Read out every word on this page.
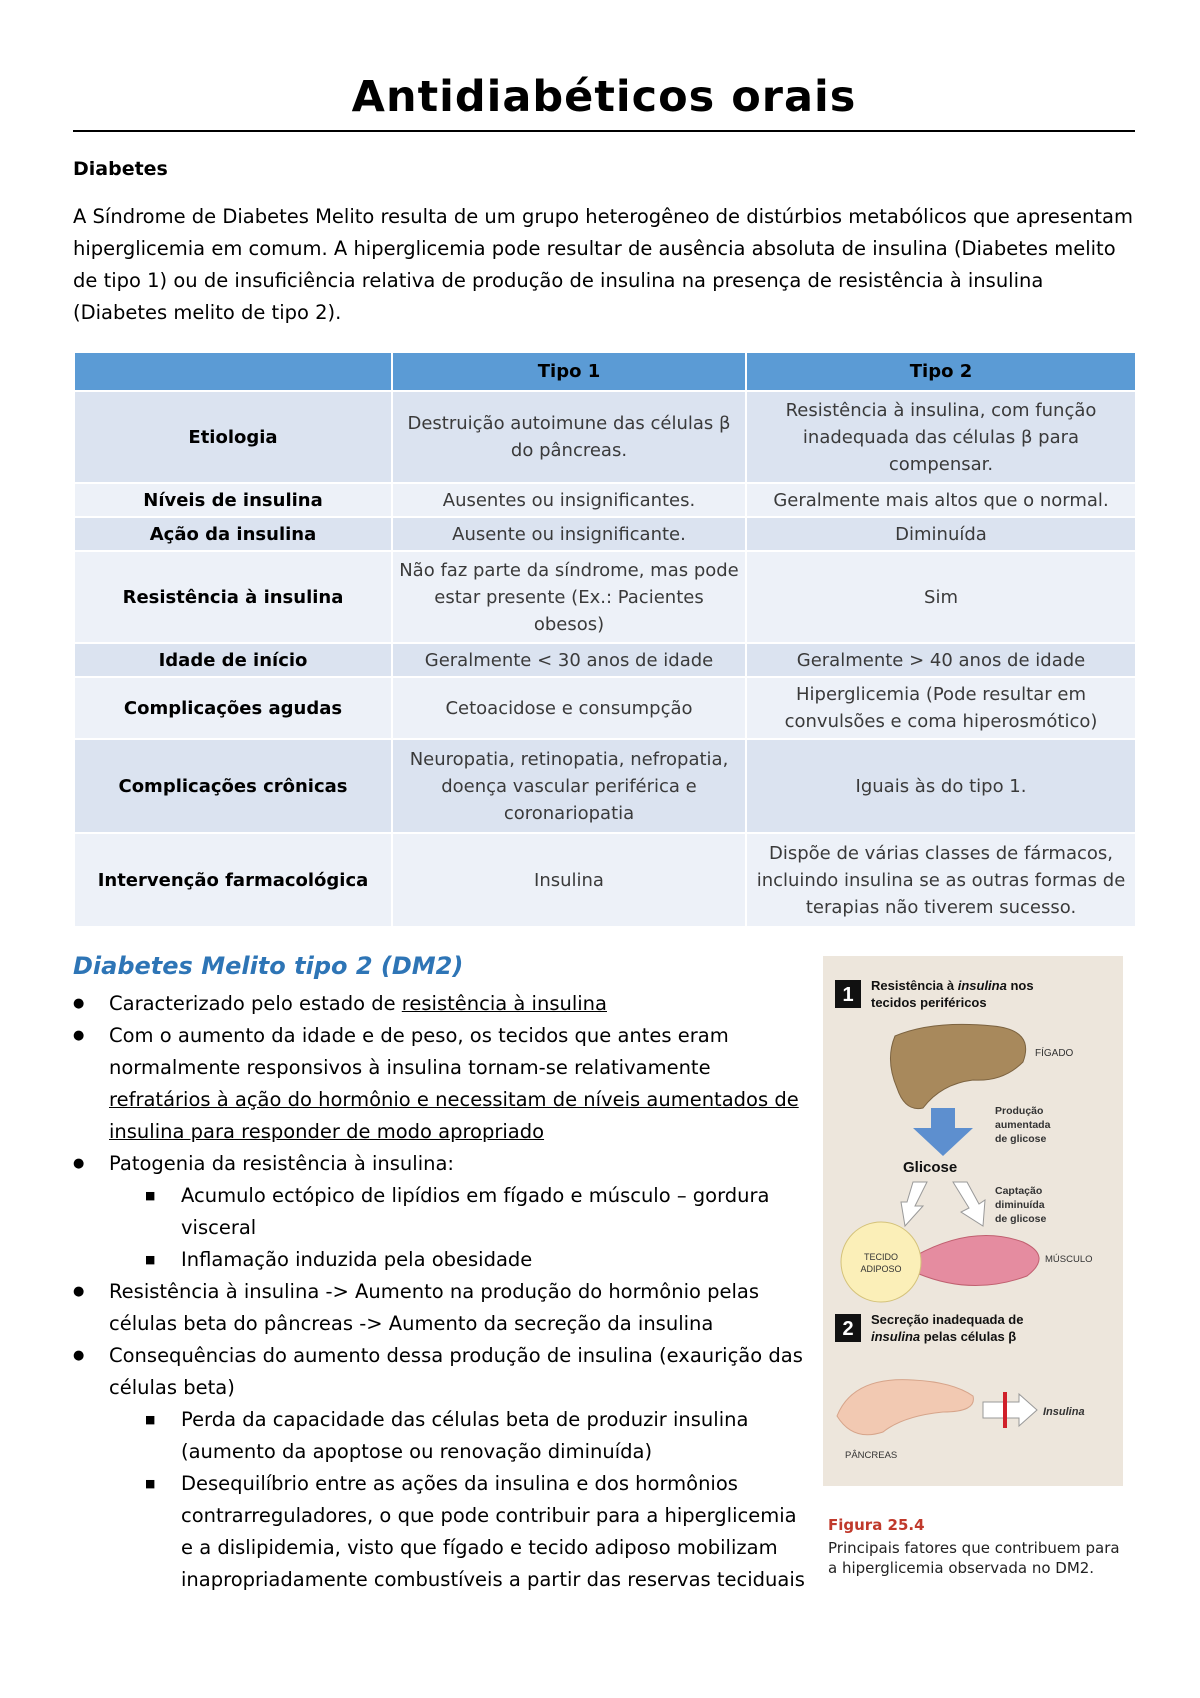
Antidiabéticos orais
Diabetes
A Síndrome de Diabetes Melito resulta de um grupo heterogêneo de distúrbios metabólicos que apresentam hiperglicemia em comum. A hiperglicemia pode resultar de ausência absoluta de insulina (Diabetes melito de tipo 1) ou de insuficiência relativa de produção de insulina na presença de resistência à insulina (Diabetes melito de tipo 2).
	Tipo 1	Tipo 2
Etiologia	Destruição autoimune das células β do pâncreas.	Resistência à insulina, com função inadequada das células β para compensar.
Níveis de insulina	Ausentes ou insignificantes.	Geralmente mais altos que o normal.
Ação da insulina	Ausente ou insignificante.	Diminuída
Resistência à insulina	Não faz parte da síndrome, mas pode estar presente (Ex.: Pacientes obesos)	Sim
Idade de início	Geralmente < 30 anos de idade	Geralmente > 40 anos de idade
Complicações agudas	Cetoacidose e consumpção	Hiperglicemia (Pode resultar em convulsões e coma hiperosmótico)
Complicações crônicas	Neuropatia, retinopatia, nefropatia, doença vascular periférica e coronariopatia	Iguais às do tipo 1.
Intervenção farmacológica	Insulina	Dispõe de várias classes de fármacos, incluindo insulina se as outras formas de terapias não tiverem sucesso.
Diabetes Melito tipo 2 (DM2)
● Caracterizado pelo estado de resistência à insulina
● Com o aumento da idade e de peso, os tecidos que antes eram normalmente responsivos à insulina tornam-se relativamente refratários à ação do hormônio e necessitam de níveis aumentados de insulina para responder de modo apropriado
● Patogenia da resistência à insulina:
■ Acumulo ectópico de lipídios em fígado e músculo – gordura visceral
■ Inflamação induzida pela obesidade
● Resistência à insulina -> Aumento na produção do hormônio pelas células beta do pâncreas -> Aumento da secreção da insulina
● Consequências do aumento dessa produção de insulina (exaurição das células beta)
■ Perda da capacidade das células beta de produzir insulina (aumento da apoptose ou renovação diminuída)
■ Desequilíbrio entre as ações da insulina e dos hormônios contrarreguladores, o que pode contribuir para a hiperglicemia e a dislipidemia, visto que fígado e tecido adiposo mobilizam inapropriadamente combustíveis a partir das reservas teciduais
1 Resistência à insulina nos
tecidos periféricos
FÍGADO
Produção
aumentada
de glicose
Glicose
Captação
diminuída
de glicose
MÚSCULO
TECIDO
ADIPOSO
2 Secreção inadequada de
insulina pelas células β
PÂNCREAS
Insulina
Figura 25.4
Principais fatores que contribuem para a hiperglicemia observada no DM2.
